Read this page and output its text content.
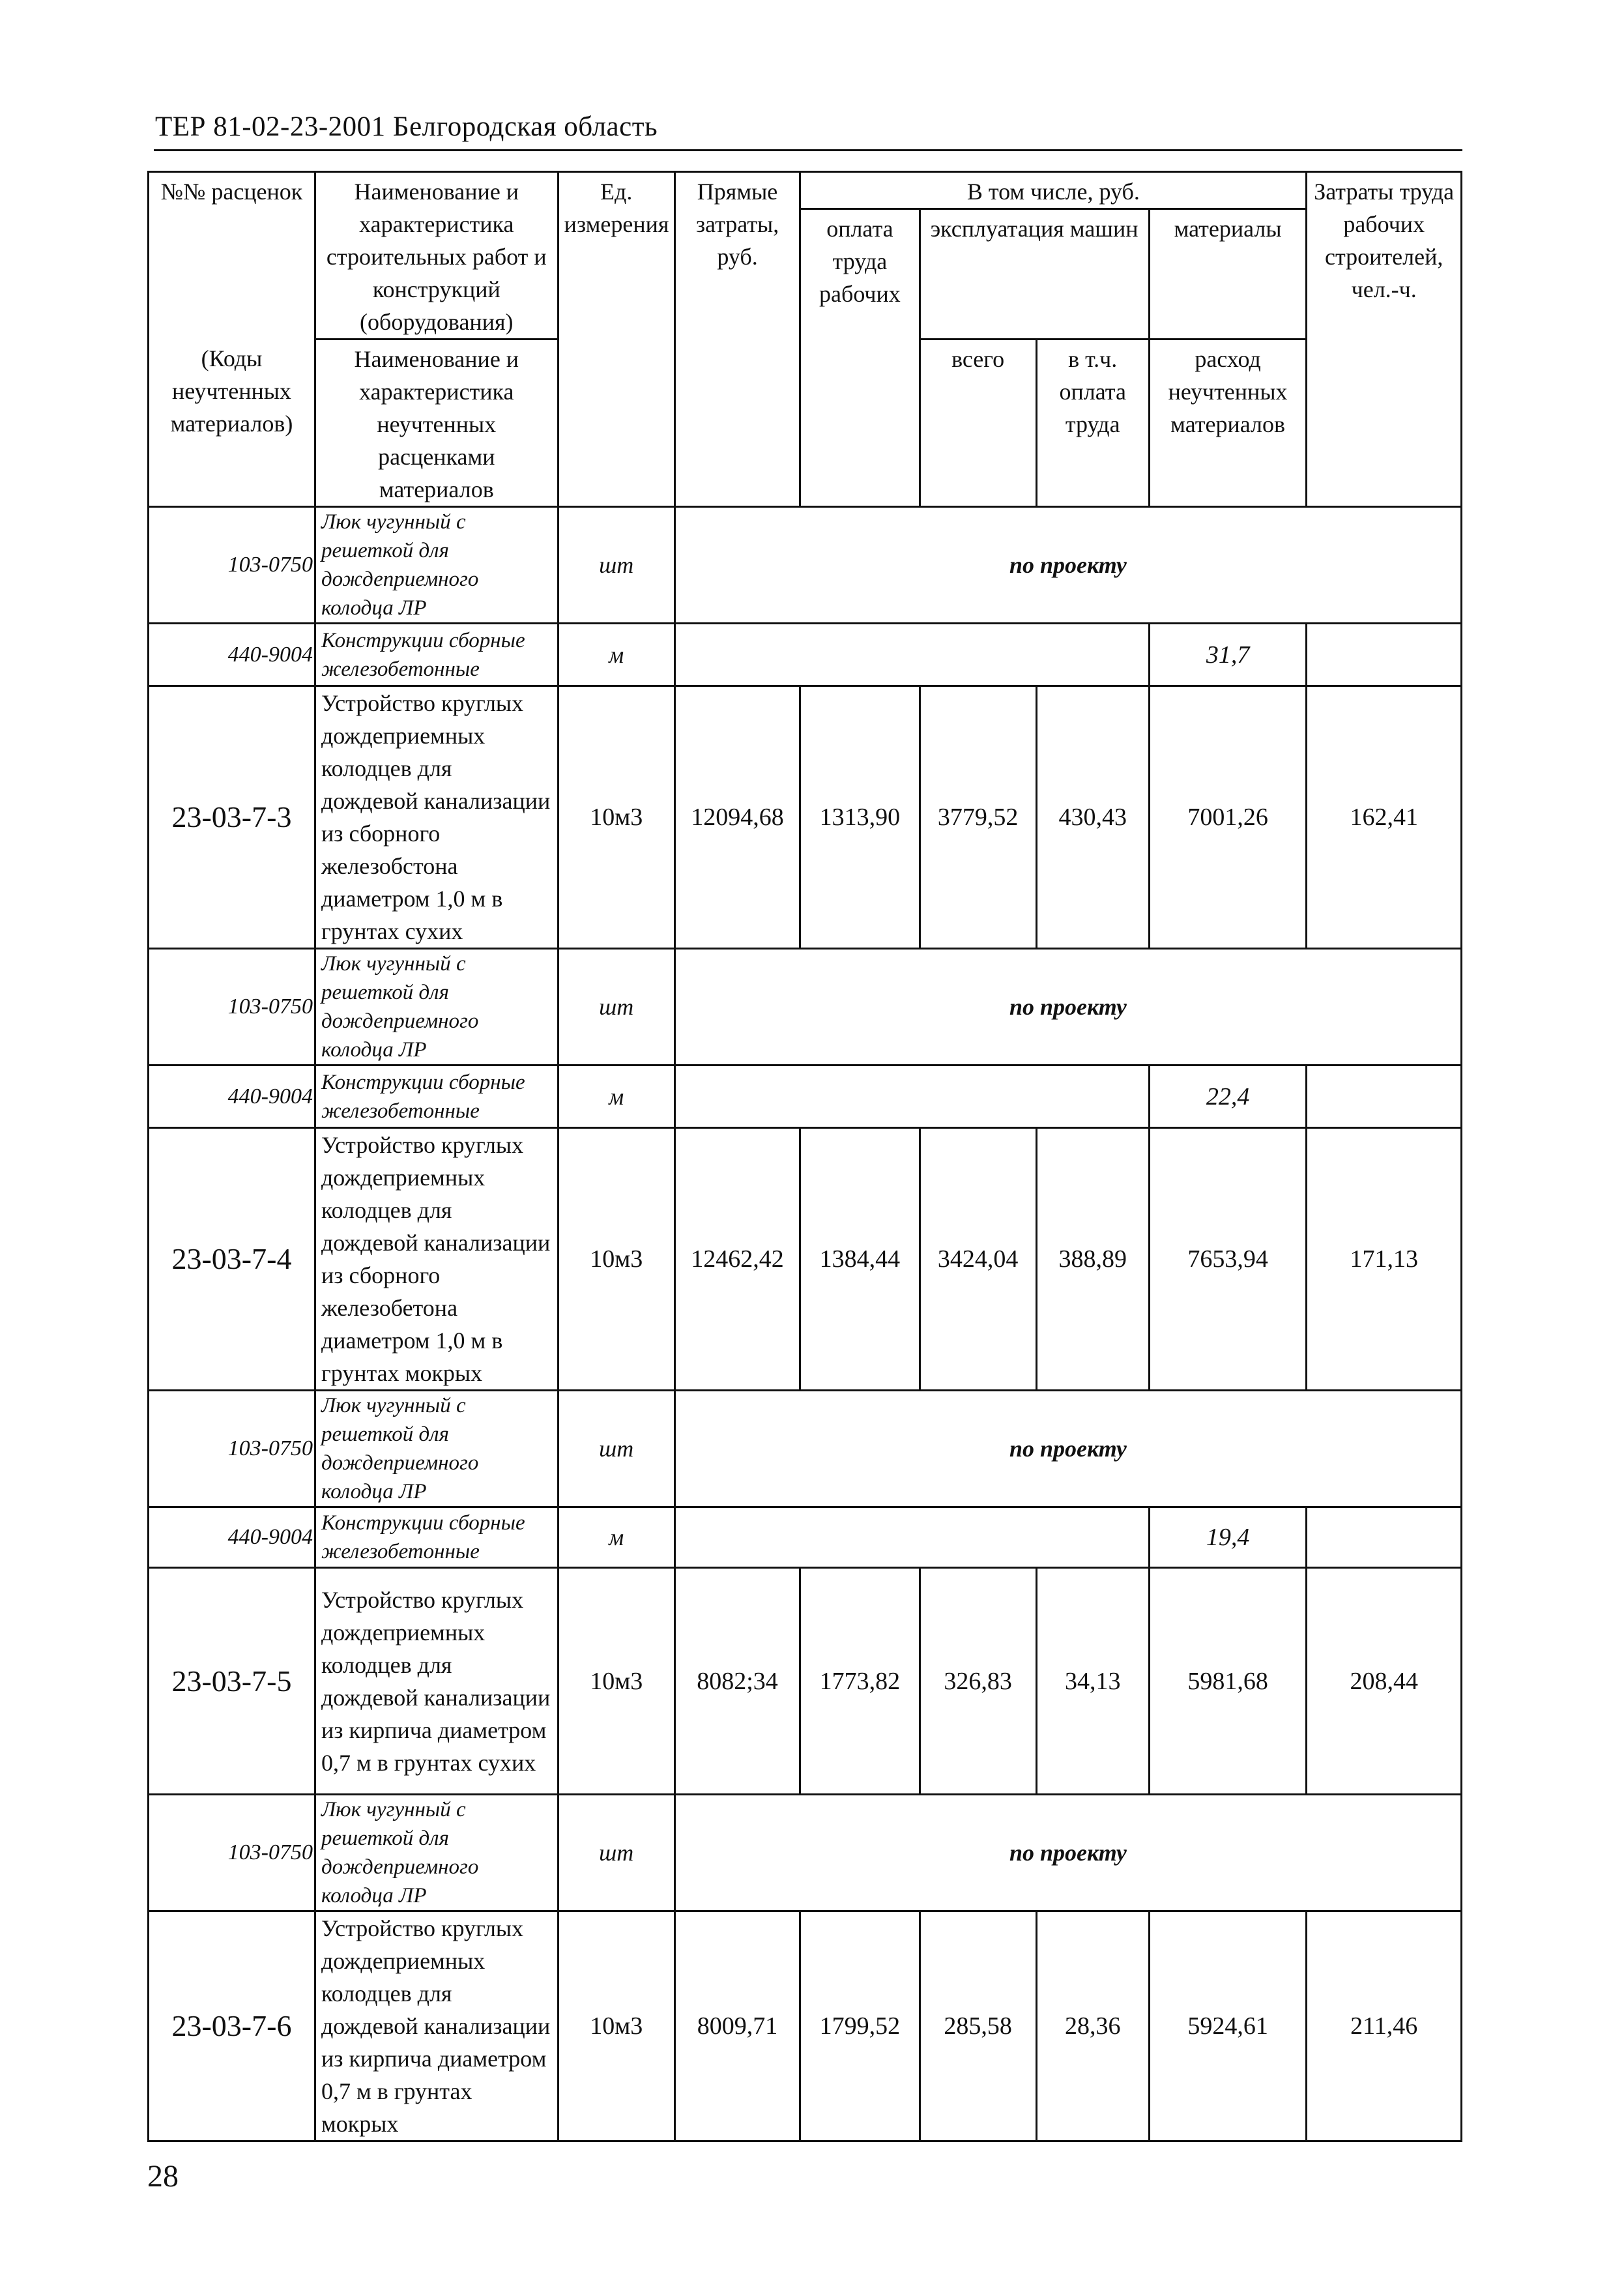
ТЕР 81-02-23-2001 Белгородская область
№№ расценок	Наименование и характеристика строительных работ и конструкций (оборудования)	Ед. измерения	Прямые затраты, руб.	В том числе, руб.				Затраты труда рабочих строителей, чел.-ч.
				оплата труда рабочих	эксплуатация машин		материалы	
(Коды неучтенных материалов)	Наименование и характеристика неучтенных расценками материалов				всего	в т.ч. оплата труда	расход неучтенных материалов	

103-0750	Люк чугунный с решеткой для дождеприемного колодца ЛР	шт	по проекту					
440-9004	Конструкции сборные железобетонные	м					31,7	
23-03-7-3	Устройство круглых дождеприемных колодцев для дождевой канализации из сборного железобстона диаметром 1,0 м в грунтах сухих	10м3	12094,68	1313,90	3779,52	430,43	7001,26	162,41
103-0750	Люк чугунный с решеткой для дождеприемного колодца ЛР	шт	по проекту					
440-9004	Конструкции сборные железобетонные	м					22,4	
23-03-7-4	Устройство круглых дождеприемных колодцев для дождевой канализации из сборного железобетона диаметром 1,0 м в грунтах мокрых	10м3	12462,42	1384,44	3424,04	388,89	7653,94	171,13
103-0750	Люк чугунный с решеткой для дождеприемного колодца ЛР	шт	по проекту					
440-9004	Конструкции сборные железобетонные	м					19,4	
23-03-7-5	Устройство круглых дождеприемных колодцев для дождевой канализации из кирпича диаметром 0,7 м в грунтах сухих	10м3	8082;34	1773,82	326,83	34,13	5981,68	208,44
103-0750	Люк чугунный с решеткой для дождеприемного колодца ЛР	шт	по проекту					
23-03-7-6	Устройство круглых дождеприемных колодцев для дождевой канализации из кирпича диаметром 0,7 м в грунтах мокрых	10м3	8009,71	1799,52	285,58	28,36	5924,61	211,46
28
